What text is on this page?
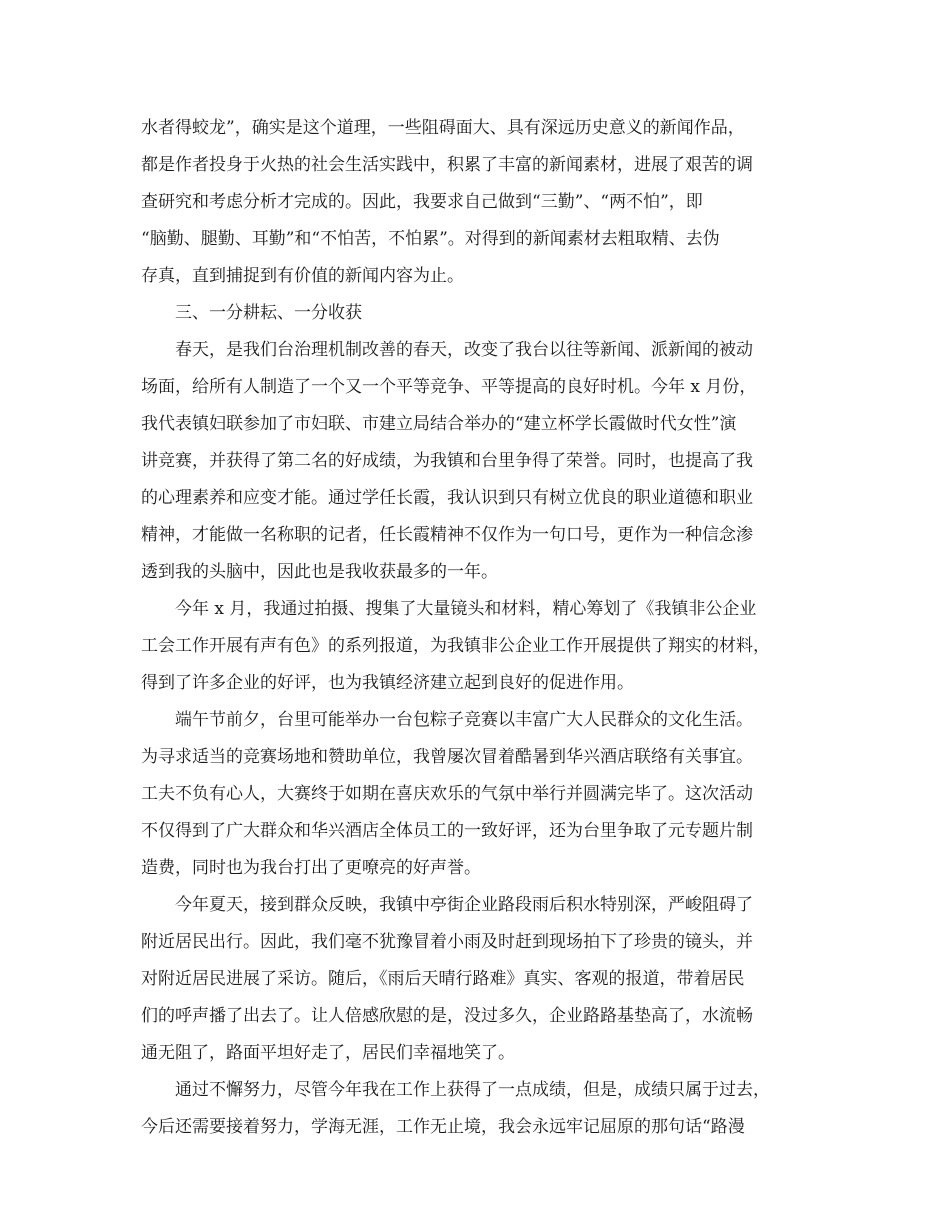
水者得蛟龙”，确实是这个道理，一些阻碍面大、具有深远历史意义的新闻作品，
都是作者投身于火热的社会生活实践中，积累了丰富的新闻素材，进展了艰苦的调
查研究和考虑分析才完成的。因此，我要求自己做到“三勤”、“两不怕”，即
“脑勤、腿勤、耳勤”和“不怕苦，不怕累”。对得到的新闻素材去粗取精、去伪
存真，直到捕捉到有价值的新闻内容为止。
三、一分耕耘、一分收获
春天，是我们台治理机制改善的春天，改变了我台以往等新闻、派新闻的被动
场面，给所有人制造了一个又一个平等竞争、平等提高的良好时机。今年 x 月份，
我代表镇妇联参加了市妇联、市建立局结合举办的“建立杯学长霞做时代女性”演
讲竞赛，并获得了第二名的好成绩，为我镇和台里争得了荣誉。同时，也提高了我
的心理素养和应变才能。通过学任长霞，我认识到只有树立优良的职业道德和职业
精神，才能做一名称职的记者，任长霞精神不仅作为一句口号，更作为一种信念渗
透到我的头脑中，因此也是我收获最多的一年。
今年 x 月，我通过拍摄、搜集了大量镜头和材料，精心筹划了《我镇非公企业
工会工作开展有声有色》的系列报道，为我镇非公企业工作开展提供了翔实的材料，
得到了许多企业的好评，也为我镇经济建立起到良好的促进作用。
端午节前夕，台里可能举办一台包粽子竞赛以丰富广大人民群众的文化生活。
为寻求适当的竞赛场地和赞助单位，我曾屡次冒着酷暑到华兴酒店联络有关事宜。
工夫不负有心人，大赛终于如期在喜庆欢乐的气氛中举行并圆满完毕了。这次活动
不仅得到了广大群众和华兴酒店全体员工的一致好评，还为台里争取了元专题片制
造费，同时也为我台打出了更嘹亮的好声誉。
今年夏天，接到群众反映，我镇中亭街企业路段雨后积水特别深，严峻阻碍了
附近居民出行。因此，我们毫不犹豫冒着小雨及时赶到现场拍下了珍贵的镜头，并
对附近居民进展了采访。随后，《雨后天晴行路难》真实、客观的报道，带着居民
们的呼声播了出去了。让人倍感欣慰的是，没过多久，企业路路基垫高了，水流畅
通无阻了，路面平坦好走了，居民们幸福地笑了。
通过不懈努力，尽管今年我在工作上获得了一点成绩，但是，成绩只属于过去，
今后还需要接着努力，学海无涯，工作无止境，我会永远牢记屈原的那句话“路漫
